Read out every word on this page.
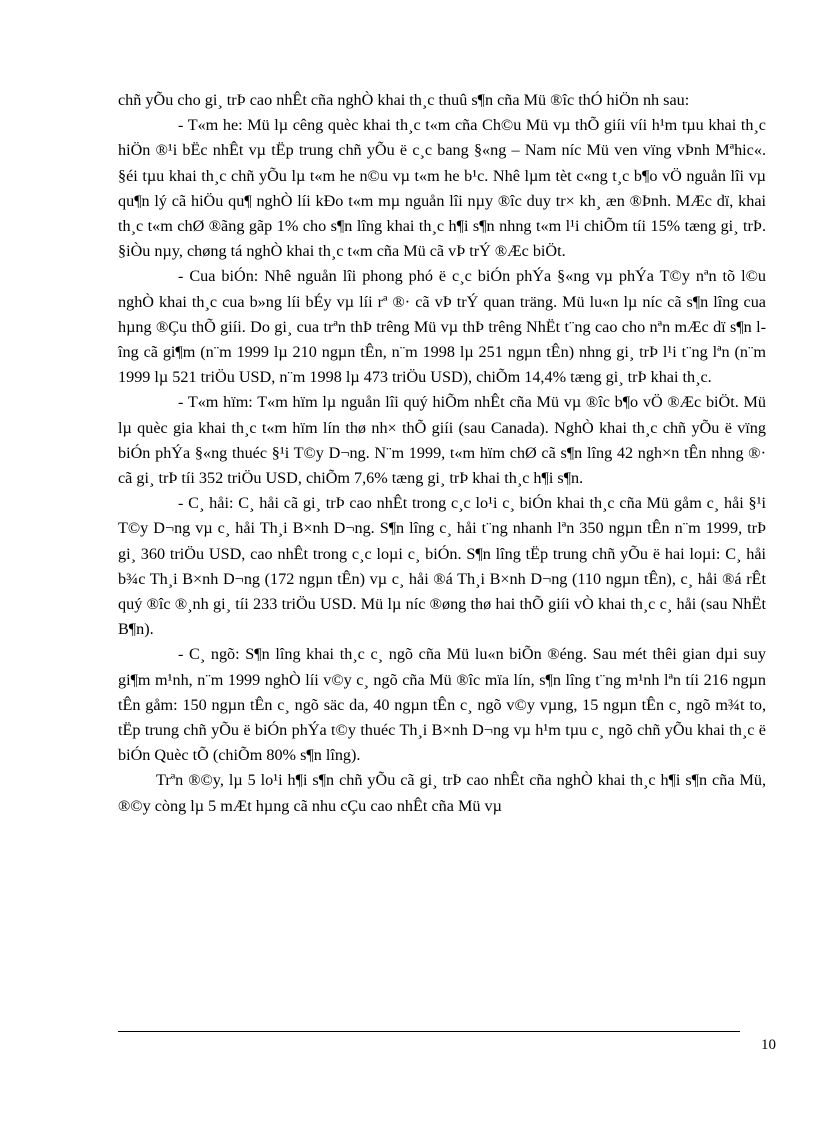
chñ yÕu cho gi¸ trÞ cao nhÊt cña nghÒ khai th¸c thuû s¶n cña Mü ®îc thÓ hiÖn nh sau:

- T«m he: Mü lµ cêng quèc khai th¸c t«m cña Ch©u Mü vµ thÕ giíi víi h¹m tµu khai th¸c hiÖn ®¹i bËc nhÊt vµ tËp trung chñ yÕu ë c¸c bang §«ng – Nam níc Mü ven vïng vÞnh Mªhic«. §éi tµu khai th¸c chñ yÕu lµ t«m he n©u vµ t«m he b¹c. Nhê lµm tèt c«ng t¸c b¶o vÖ nguån lîi vµ qu¶n lý cã hiÖu qu¶ nghÒ líi kÐo t«m mµ nguån lîi nµy ®îc duy tr× kh¸ æn ®Þnh. MÆc dï, khai th¸c t«m chØ ®ãng gãp 1% cho s¶n lîng khai th¸c h¶i s¶n nhng t«m l¹i chiÕm tíi 15% tæng gi¸ trÞ. §iÒu nµy, chøng tá nghÒ khai th¸c t«m cña Mü cã vÞ trÝ ®Æc biÖt.

- Cua biÓn: Nhê nguån lîi phong phó ë c¸c biÓn phÝa §«ng vµ phÝa T©y nªn tõ l©u nghÒ khai th¸c cua b»ng líi bÉy vµ líi rª ®· cã vÞ trÝ quan träng. Mü lu«n lµ níc cã s¶n lîng cua hµng ®Çu thÕ giíi. Do gi¸ cua trªn thÞ trêng Mü vµ thÞ trêng NhËt t¨ng cao cho nªn mÆc dï s¶n lîng cã gi¶m (n¨m 1999 lµ 210 ngµn tÊn, n¨m 1998 lµ 251 ngµn tÊn) nhng gi¸ trÞ l¹i t¨ng lªn (n¨m 1999 lµ 521 triÖu USD, n¨m 1998 lµ 473 triÖu USD), chiÕm 14,4% tæng gi¸ trÞ khai th¸c.

- T«m hïm: T«m hïm lµ nguån lîi quý hiÕm nhÊt cña Mü vµ ®îc b¶o vÖ ®Æc biÖt. Mü lµ quèc gia khai th¸c t«m hïm lín thø nh× thÕ giíi (sau Canada). NghÒ khai th¸c chñ yÕu ë vïng biÓn phÝa §«ng thuéc §¹i T©y D¬ng. N¨m 1999, t«m hïm chØ cã s¶n lîng 42 ngh×n tÊn nhng ®· cã gi¸ trÞ tíi 352 triÖu USD, chiÕm 7,6% tæng gi¸ trÞ khai th¸c h¶i s¶n.

- C¸ håi: C¸ håi cã gi¸ trÞ cao nhÊt trong c¸c lo¹i c¸ biÓn khai th¸c cña Mü gåm c¸ håi §¹i T©y D¬ng vµ c¸ håi Th¸i B×nh D¬ng. S¶n lîng c¸ håi t¨ng nhanh lªn 350 ngµn tÊn n¨m 1999, trÞ gi¸ 360 triÖu USD, cao nhÊt trong c¸c loµi c¸ biÓn. S¶n lîng tËp trung chñ yÕu ë hai loµi: C¸ håi b¾c Th¸i B×nh D¬ng (172 ngµn tÊn) vµ c¸ håi ®á Th¸i B×nh D¬ng (110 ngµn tÊn), c¸ håi ®á rÊt quý ®îc ®¸nh gi¸ tíi 233 triÖu USD. Mü lµ níc ®øng thø hai thÕ giíi vÒ khai th¸c c¸ håi (sau NhËt B¶n).

- C¸ ngõ: S¶n lîng khai th¸c c¸ ngõ cña Mü lu«n biÕn ®éng. Sau mét thêi gian dµi suy gi¶m m¹nh, n¨m 1999 nghÒ líi v©y c¸ ngõ cña Mü ®îc mïa lín, s¶n lîng t¨ng m¹nh lªn tíi 216 ngµn tÊn gåm: 150 ngµn tÊn c¸ ngõ säc da, 40 ngµn tÊn c¸ ngõ v©y vµng, 15 ngµn tÊn c¸ ngõ m¾t to, tËp trung chñ yÕu ë biÓn phÝa t©y thuéc Th¸i B×nh D¬ng vµ h¹m tµu c¸ ngõ chñ yÕu khai th¸c ë biÓn Quèc tÕ (chiÕm 80% s¶n lîng).

Trªn ®©y, lµ 5 lo¹i h¶i s¶n chñ yÕu cã gi¸ trÞ cao nhÊt cña nghÒ khai th¸c h¶i s¶n cña Mü, ®©y còng lµ 5 mÆt hµng cã nhu cÇu cao nhÊt cña Mü vµ

10
